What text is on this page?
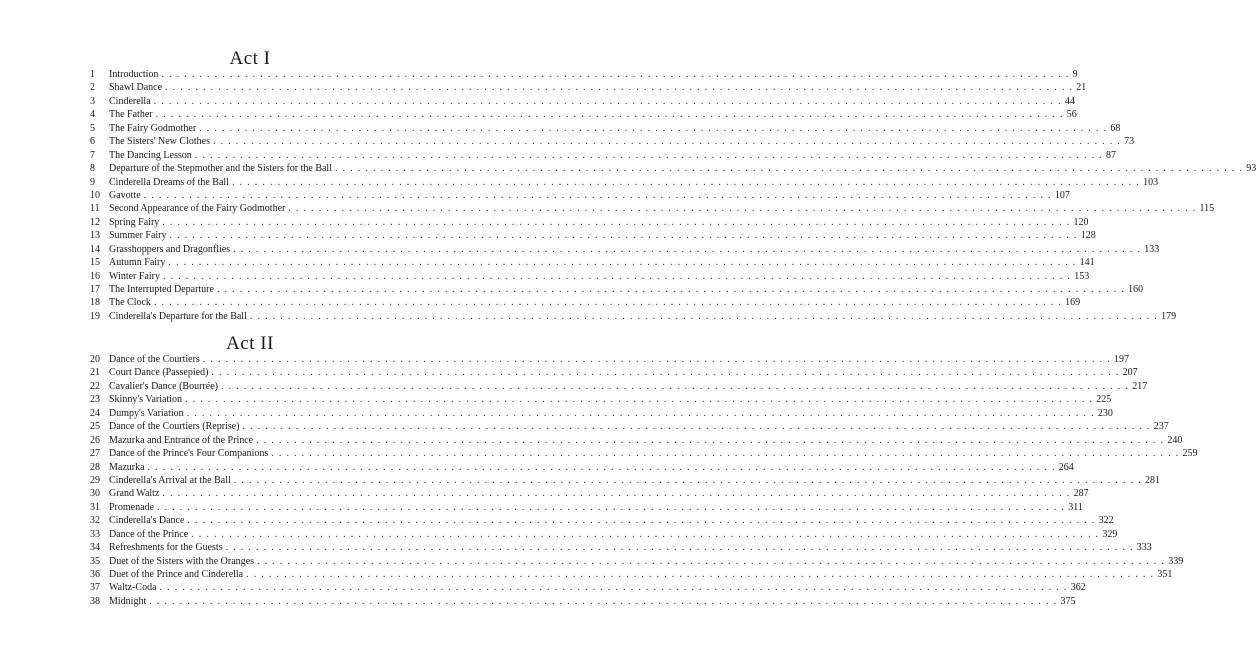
Act I
1	Introduction . . . . . . . . . . . . . . . . . . . . . . . . . . . . . . . . . . . . . . . . . . . . . . . . . . . . . . . . . . . . . . . . . . . . . . . . . . . . . . . . . . . . . . . . . . . . . . . . . . . . . . . . . . . . . . . . . . . . . . . . 9
2	Shawl Dance . . . . . . . . . . . . . . . . . . . . . . . . . . . . . . . . . . . . . . . . . . . . . . . . . . . . . . . . . . . . . . . . . . . . . . . . . . . . . . . . . . . . . . . . . . . . . . . . . . . . . . . . . . . . . . . . . . . . . . . . 21
3	Cinderella . . . . . . . . . . . . . . . . . . . . . . . . . . . . . . . . . . . . . . . . . . . . . . . . . . . . . . . . . . . . . . . . . . . . . . . . . . . . . . . . . . . . . . . . . . . . . . . . . . . . . . . . . . . . . . . . . . . . . . . . 44
4	The Father . . . . . . . . . . . . . . . . . . . . . . . . . . . . . . . . . . . . . . . . . . . . . . . . . . . . . . . . . . . . . . . . . . . . . . . . . . . . . . . . . . . . . . . . . . . . . . . . . . . . . . . . . . . . . . . . . . . . . . . . 56
5	The Fairy Godmother . . . . . . . . . . . . . . . . . . . . . . . . . . . . . . . . . . . . . . . . . . . . . . . . . . . . . . . . . . . . . . . . . . . . . . . . . . . . . . . . . . . . . . . . . . . . . . . . . . . . . . . . . . . . . . . . . . . . . . . . 68
6	The Sisters' New Clothes . . . . . . . . . . . . . . . . . . . . . . . . . . . . . . . . . . . . . . . . . . . . . . . . . . . . . . . . . . . . . . . . . . . . . . . . . . . . . . . . . . . . . . . . . . . . . . . . . . . . . . . . . . . . . . . . . . . . . . . . 73
7	The Dancing Lesson . . . . . . . . . . . . . . . . . . . . . . . . . . . . . . . . . . . . . . . . . . . . . . . . . . . . . . . . . . . . . . . . . . . . . . . . . . . . . . . . . . . . . . . . . . . . . . . . . . . . . . . . . . . . . . . . . . . . . . . . 87
8	Departure of the Stepmother and the Sisters for the Ball . . . . . . . . . . . . . . . . . . . . . . . . . . . . . . . . . . . . . . . . . . . . . . . . . . . . . . . . . . . . . . . . . . . . . . . . . . . . . . . . . . . . . . . . . . . . . . . . . . . . . . . . . . . . . . . . . . . . . . . . 93
9	Cinderella Dreams of the Ball . . . . . . . . . . . . . . . . . . . . . . . . . . . . . . . . . . . . . . . . . . . . . . . . . . . . . . . . . . . . . . . . . . . . . . . . . . . . . . . . . . . . . . . . . . . . . . . . . . . . . . . . . . . . . . . . . . . . . . . . 103
10 Gavotte . . . . . . . . . . . . . . . . . . . . . . . . . . . . . . . . . . . . . . . . . . . . . . . . . . . . . . . . . . . . . . . . . . . . . . . . . . . . . . . . . . . . . . . . . . . . . . . . . . . . . . . . . . . . . . . . . . . . . . . . 107
11 Second Appearance of the Fairy Godmother . . . . . . . . . . . . . . . . . . . . . . . . . . . . . . . . . . . . . . . . . . . . . . . . . . . . . . . . . . . . . . . . . . . . . . . . . . . . . . . . . . . . . . . . . . . . . . . . . . . . . . . . . . . . . . . . . . . . . . . . 115
12 Spring Fairy . . . . . . . . . . . . . . . . . . . . . . . . . . . . . . . . . . . . . . . . . . . . . . . . . . . . . . . . . . . . . . . . . . . . . . . . . . . . . . . . . . . . . . . . . . . . . . . . . . . . . . . . . . . . . . . . . . . . . . . . 120
13 Summer Fairy . . . . . . . . . . . . . . . . . . . . . . . . . . . . . . . . . . . . . . . . . . . . . . . . . . . . . . . . . . . . . . . . . . . . . . . . . . . . . . . . . . . . . . . . . . . . . . . . . . . . . . . . . . . . . . . . . . . . . . . . 128
14 Grasshoppers and Dragonflies . . . . . . . . . . . . . . . . . . . . . . . . . . . . . . . . . . . . . . . . . . . . . . . . . . . . . . . . . . . . . . . . . . . . . . . . . . . . . . . . . . . . . . . . . . . . . . . . . . . . . . . . . . . . . . . . . . . . . . . . 133
15 Autumn Fairy . . . . . . . . . . . . . . . . . . . . . . . . . . . . . . . . . . . . . . . . . . . . . . . . . . . . . . . . . . . . . . . . . . . . . . . . . . . . . . . . . . . . . . . . . . . . . . . . . . . . . . . . . . . . . . . . . . . . . . . . 141
16 Winter Fairy . . . . . . . . . . . . . . . . . . . . . . . . . . . . . . . . . . . . . . . . . . . . . . . . . . . . . . . . . . . . . . . . . . . . . . . . . . . . . . . . . . . . . . . . . . . . . . . . . . . . . . . . . . . . . . . . . . . . . . . . 153
17 The Interrupted Departure . . . . . . . . . . . . . . . . . . . . . . . . . . . . . . . . . . . . . . . . . . . . . . . . . . . . . . . . . . . . . . . . . . . . . . . . . . . . . . . . . . . . . . . . . . . . . . . . . . . . . . . . . . . . . . . . . . . . . . . . 160
18 The Clock . . . . . . . . . . . . . . . . . . . . . . . . . . . . . . . . . . . . . . . . . . . . . . . . . . . . . . . . . . . . . . . . . . . . . . . . . . . . . . . . . . . . . . . . . . . . . . . . . . . . . . . . . . . . . . . . . . . . . . . . 169
19 Cinderella's Departure for the Ball . . . . . . . . . . . . . . . . . . . . . . . . . . . . . . . . . . . . . . . . . . . . . . . . . . . . . . . . . . . . . . . . . . . . . . . . . . . . . . . . . . . . . . . . . . . . . . . . . . . . . . . . . . . . . . . . . . . . . . . . 179
Act II
20 Dance of the Courtiers . . . . . . . . . . . . . . . . . . . . . . . . . . . . . . . . . . . . . . . . . . . . . . . . . . . . . . . . . . . . . . . . . . . . . . . . . . . . . . . . . . . . . . . . . . . . . . . . . . . . . . . . . . . . . . . . . . . . . . . . 197
21 Court Dance (Passepied) . . . . . . . . . . . . . . . . . . . . . . . . . . . . . . . . . . . . . . . . . . . . . . . . . . . . . . . . . . . . . . . . . . . . . . . . . . . . . . . . . . . . . . . . . . . . . . . . . . . . . . . . . . . . . . . . . . . . . . . . 207
22 Cavalier's Dance (Bourrée) . . . . . . . . . . . . . . . . . . . . . . . . . . . . . . . . . . . . . . . . . . . . . . . . . . . . . . . . . . . . . . . . . . . . . . . . . . . . . . . . . . . . . . . . . . . . . . . . . . . . . . . . . . . . . . . . . . . . . . . . 217
23 Skinny's Variation . . . . . . . . . . . . . . . . . . . . . . . . . . . . . . . . . . . . . . . . . . . . . . . . . . . . . . . . . . . . . . . . . . . . . . . . . . . . . . . . . . . . . . . . . . . . . . . . . . . . . . . . . . . . . . . . . . . . . . . . 225
24 Dumpy's Variation . . . . . . . . . . . . . . . . . . . . . . . . . . . . . . . . . . . . . . . . . . . . . . . . . . . . . . . . . . . . . . . . . . . . . . . . . . . . . . . . . . . . . . . . . . . . . . . . . . . . . . . . . . . . . . . . . . . . . . . . 230
25 Dance of the Courtiers (Reprise) . . . . . . . . . . . . . . . . . . . . . . . . . . . . . . . . . . . . . . . . . . . . . . . . . . . . . . . . . . . . . . . . . . . . . . . . . . . . . . . . . . . . . . . . . . . . . . . . . . . . . . . . . . . . . . . . . . . . . . . . 237
26 Mazurka and Entrance of the Prince . . . . . . . . . . . . . . . . . . . . . . . . . . . . . . . . . . . . . . . . . . . . . . . . . . . . . . . . . . . . . . . . . . . . . . . . . . . . . . . . . . . . . . . . . . . . . . . . . . . . . . . . . . . . . . . . . . . . . . . . 240
27 Dance of the Prince's Four Companions . . . . . . . . . . . . . . . . . . . . . . . . . . . . . . . . . . . . . . . . . . . . . . . . . . . . . . . . . . . . . . . . . . . . . . . . . . . . . . . . . . . . . . . . . . . . . . . . . . . . . . . . . . . . . . . . . . . . . . . . 259
28 Mazurka . . . . . . . . . . . . . . . . . . . . . . . . . . . . . . . . . . . . . . . . . . . . . . . . . . . . . . . . . . . . . . . . . . . . . . . . . . . . . . . . . . . . . . . . . . . . . . . . . . . . . . . . . . . . . . . . . . . . . . . . 264
29 Cinderella's Arrival at the Ball . . . . . . . . . . . . . . . . . . . . . . . . . . . . . . . . . . . . . . . . . . . . . . . . . . . . . . . . . . . . . . . . . . . . . . . . . . . . . . . . . . . . . . . . . . . . . . . . . . . . . . . . . . . . . . . . . . . . . . . . 281
30 Grand Waltz . . . . . . . . . . . . . . . . . . . . . . . . . . . . . . . . . . . . . . . . . . . . . . . . . . . . . . . . . . . . . . . . . . . . . . . . . . . . . . . . . . . . . . . . . . . . . . . . . . . . . . . . . . . . . . . . . . . . . . . . 287
31 Promenade . . . . . . . . . . . . . . . . . . . . . . . . . . . . . . . . . . . . . . . . . . . . . . . . . . . . . . . . . . . . . . . . . . . . . . . . . . . . . . . . . . . . . . . . . . . . . . . . . . . . . . . . . . . . . . . . . . . . . . . . 311
32 Cinderella's Dance . . . . . . . . . . . . . . . . . . . . . . . . . . . . . . . . . . . . . . . . . . . . . . . . . . . . . . . . . . . . . . . . . . . . . . . . . . . . . . . . . . . . . . . . . . . . . . . . . . . . . . . . . . . . . . . . . . . . . . . . 322
33 Dance of the Prince . . . . . . . . . . . . . . . . . . . . . . . . . . . . . . . . . . . . . . . . . . . . . . . . . . . . . . . . . . . . . . . . . . . . . . . . . . . . . . . . . . . . . . . . . . . . . . . . . . . . . . . . . . . . . . . . . . . . . . . . 329
34 Refreshments for the Guests . . . . . . . . . . . . . . . . . . . . . . . . . . . . . . . . . . . . . . . . . . . . . . . . . . . . . . . . . . . . . . . . . . . . . . . . . . . . . . . . . . . . . . . . . . . . . . . . . . . . . . . . . . . . . . . . . . . . . . . . 333
35 Duet of the Sisters with the Oranges . . . . . . . . . . . . . . . . . . . . . . . . . . . . . . . . . . . . . . . . . . . . . . . . . . . . . . . . . . . . . . . . . . . . . . . . . . . . . . . . . . . . . . . . . . . . . . . . . . . . . . . . . . . . . . . . . . . . . . . . 339
36 Duet of the Prince and Cinderella . . . . . . . . . . . . . . . . . . . . . . . . . . . . . . . . . . . . . . . . . . . . . . . . . . . . . . . . . . . . . . . . . . . . . . . . . . . . . . . . . . . . . . . . . . . . . . . . . . . . . . . . . . . . . . . . . . . . . . . . 351
37 Waltz-Coda . . . . . . . . . . . . . . . . . . . . . . . . . . . . . . . . . . . . . . . . . . . . . . . . . . . . . . . . . . . . . . . . . . . . . . . . . . . . . . . . . . . . . . . . . . . . . . . . . . . . . . . . . . . . . . . . . . . . . . . . 362
38 Midnight . . . . . . . . . . . . . . . . . . . . . . . . . . . . . . . . . . . . . . . . . . . . . . . . . . . . . . . . . . . . . . . . . . . . . . . . . . . . . . . . . . . . . . . . . . . . . . . . . . . . . . . . . . . . . . . . . . . . . . . . 375
